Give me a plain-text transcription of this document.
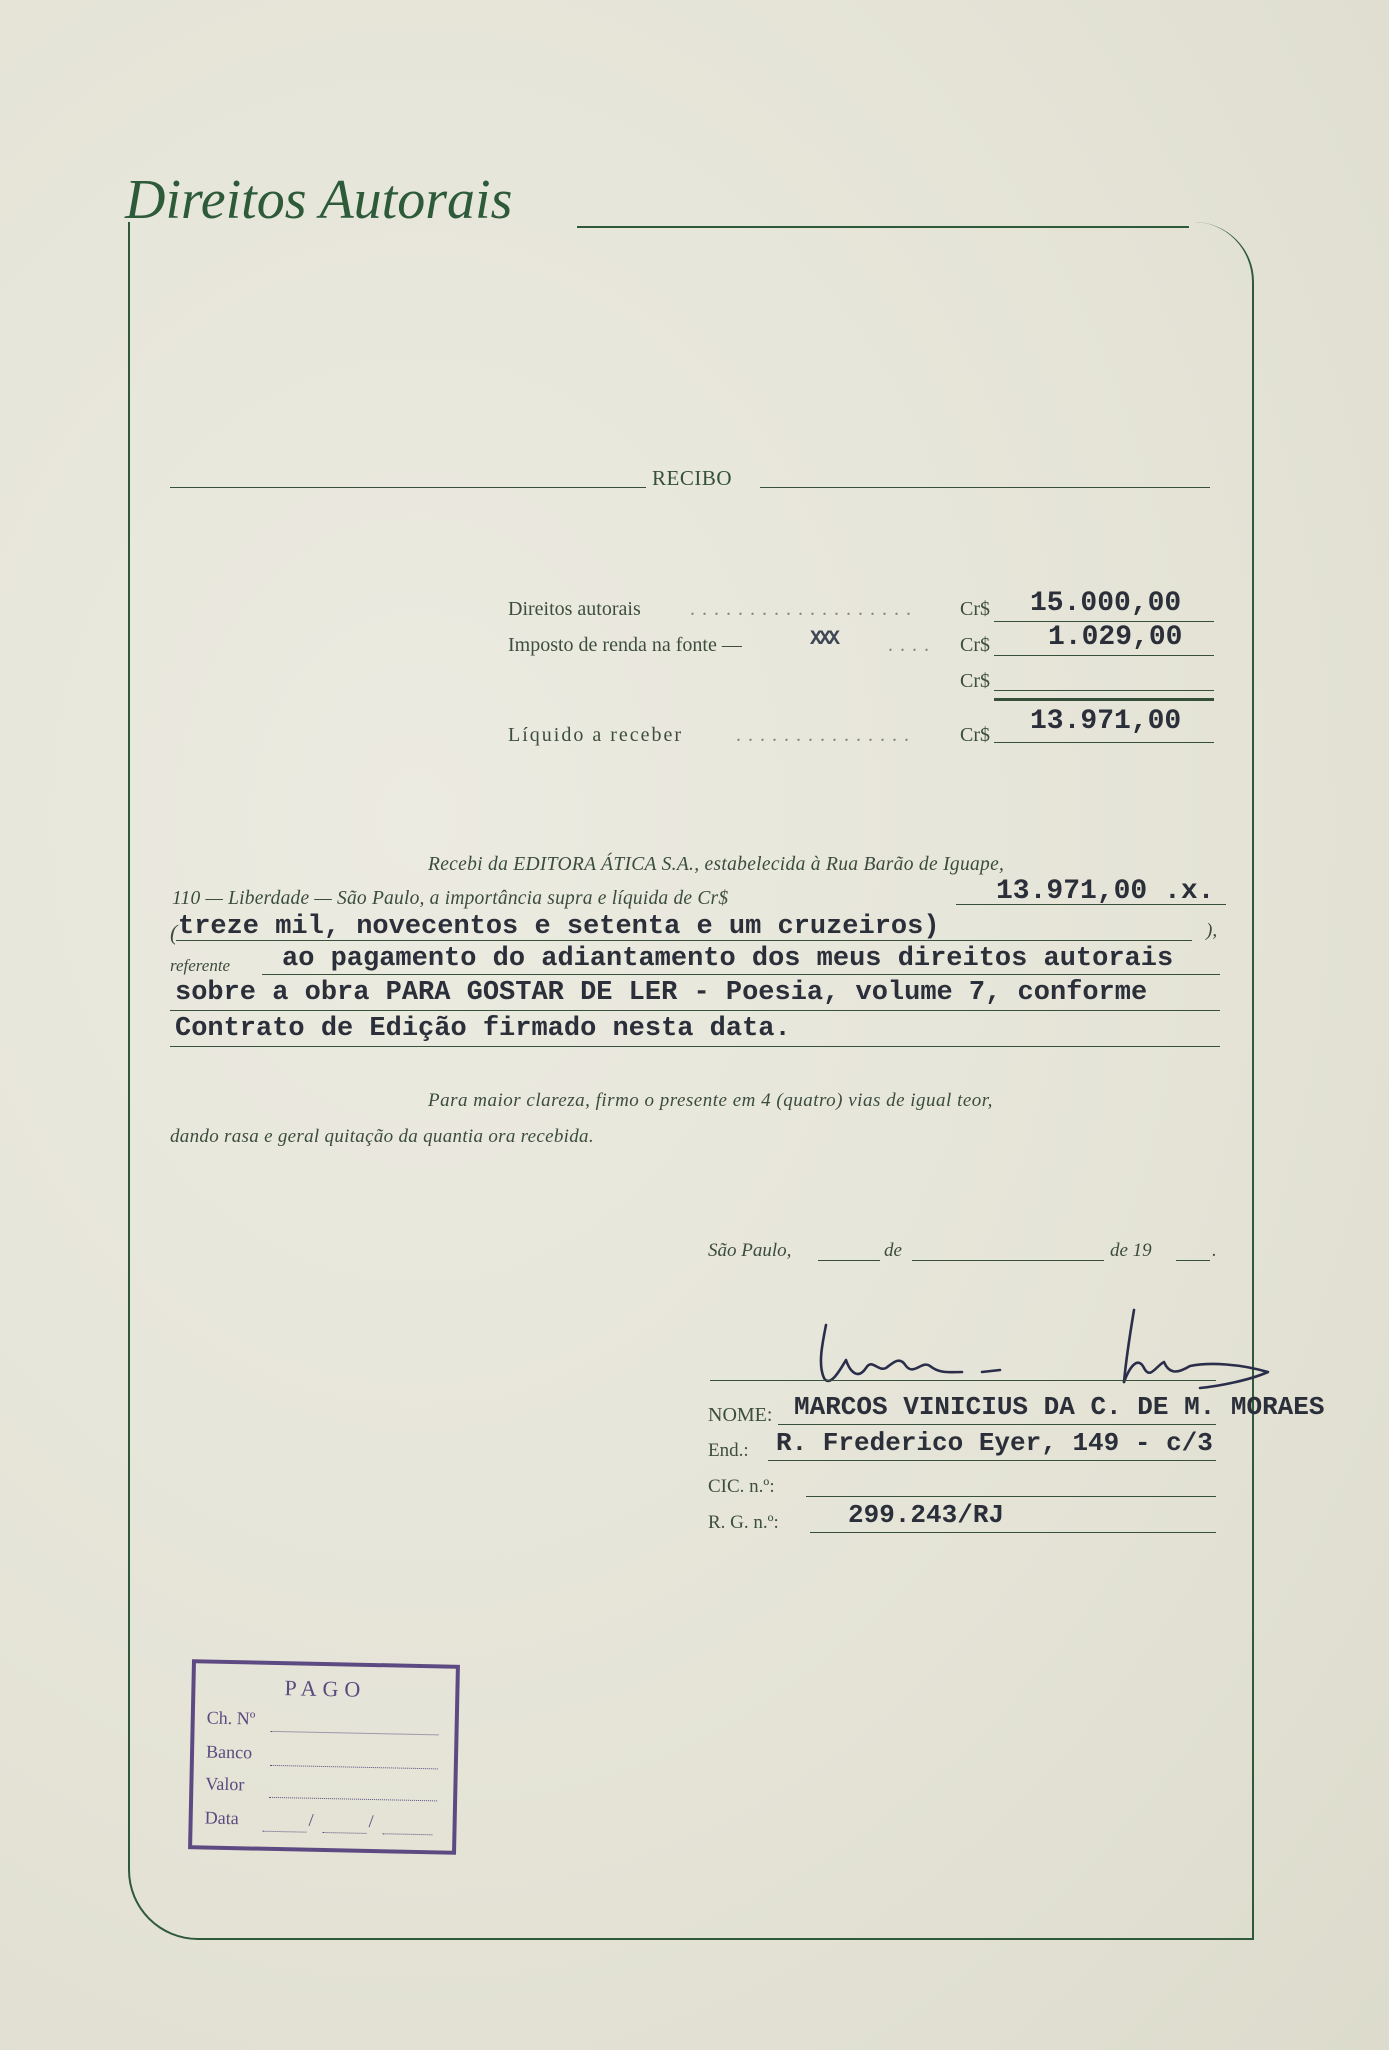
Direitos Autorais
RECIBO
Direitos autorais . . . . . . . . . . . . . . . . . . . Cr$ 15.000,00
Imposto de renda na fonte —	XXX	. . . . Cr$ 1.029,00
Cr$
Líquido a receber	. . . . . . . . . . . . . . .	Cr$ 13.971,00
Recebi da EDITORA ÁTICA S.A., estabelecida à Rua Barão de Iguape,
110 — Liberdade — São Paulo, a importância supra e líquida de Cr$	13.971,00 .x.
( treze mil, novecentos e setenta e um cruzeiros)	),
referente ao pagamento do adiantamento dos meus direitos autorais
sobre a obra PARA GOSTAR DE LER - Poesia, volume 7, conforme
Contrato de Edição firmado nesta data.
Para maior clareza, firmo o presente em 4 (quatro) vias de igual teor,
dando rasa e geral quitação da quantia ora recebida.
São Paulo,	de	de 19	.
NOME: MARCOS VINICIUS DA C. DE M. MORAES
End.: R. Frederico Eyer, 149 - c/3
CIC. n.º:
R. G. n.º:	299.243/RJ
PAGO
Ch. Nº
Banco
Valor
Data	/	/
